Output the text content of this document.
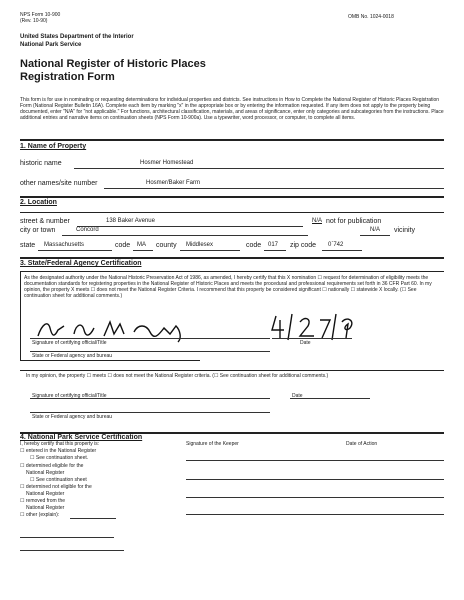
NPS Form 10-900
(Rev. 10-90)
OMB No. 1024-0018
United States Department of the Interior
National Park Service
National Register of Historic Places
Registration Form
This form is for use in nominating or requesting determinations for individual properties and districts. See instructions in How to Complete the National Register of Historic Places Registration Form (National Register Bulletin 16A). Complete each item by marking "x" in the appropriate box or by entering the information requested. If any item does not apply to the property being documented, enter "N/A" for "not applicable." For functions, architectural classification, materials, and areas of significance, enter only categories and subcategories from the instructions. Place additional entries and narrative items on continuation sheets (NPS Form 10-900a). Use a typewriter, word processor, or computer, to complete all items.
1. Name of Property
historic name	Hosmer Homestead
other names/site number	Hosmer/Baker Farm
2. Location
street & number	138 Baker Avenue	N/A not for publication
city or town	Concord	N/A vicinity
state Massachusetts	code MA county Middlesex	code 017 zip code 0`742
3. State/Federal Agency Certification
As the designated authority under the National Historic Preservation Act of 1986, as amended, I hereby certify that this X nomination ☐ request for determination of eligibility meets the documentation standards for registering properties in the National Register of Historic Places and meets the procedural and professional requirements set forth in 36 CFR Part 60. In my opinion, the property X meets ☐ does not meet the National Register Criteria. I recommend that this property be considered significant ☐ nationally ☐ statewide X locally. (☐ See continuation sheet for additional comments.)
Signature of certifying official/Title	Date
State or Federal agency and bureau
In my opinion, the property ☐ meets ☐ does not meet the National Register criteria. (☐ See continuation sheet for additional comments.)
Signature of certifying official/Title	Date
State or Federal agency and bureau
4. National Park Service Certification
I, hereby certify that this property is:	Signature of the Keeper	Date of Action
☐ entered in the National Register
☐ See continuation sheet.
☐ determined eligible for the
National Register
☐ See continuation sheet
☐ determined not eligible for the
National Register
☐ removed from the
National Register
☐ other (explain):
